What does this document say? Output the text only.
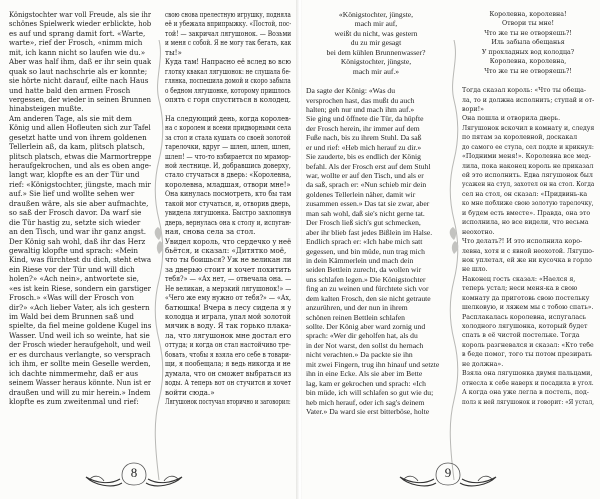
Königstochter war voll Freude, als sie ihr
schönes Spielwerk wieder erblickte, hob
es auf und sprang damit fort. «Warte,
warte», rief der Frosch, «nimm mich
mit, ich kann nicht so laufen wie du.»
Aber was half ihm, daß er ihr sein quak
quak so laut nachschrie als er konnte;
sie hörte nicht darauf, eilte nach Haus
und hatte bald den armen Frosch
vergessen, der wieder in seinen Brunnen
hinabsteigen mußte.
Am anderen Tage, als sie mit dem
König und allen Hofleuten sich zur Tafel
gesetzt hatte und von ihrem goldenen
Tellerlein aß, da kam, plitsch platsch,
plitsch platsch, etwas die Marmortreppe
heraufgekrochen, und als es oben ange-
langt war, klopfte es an der Tür und
rief: «Königstochter, jüngste, mach mir
auf.» Sie lief und wollte sehen wer
draußen wäre, als sie aber aufmachte,
so saß der Frosch davor. Da warf sie
die Tür hastig zu, setzte sich wieder
an den Tisch, und war ihr ganz angst.
Der König sah wohl, daß ihr das Herz
gewaltig klopfte und sprach: «Mein
Kind, was fürchtest du dich, steht etwa
ein Riese vor der Tür und will dich
holen?» «Ach nein», antwortete sie,
«es ist kein Riese, sondern ein garstiger
Frosch.» «Was will der Frosch von
dir?» «Ach lieber Vater, als ich gestern
im Wald bei dem Brunnen saß und
spielte, da fiel meine goldene Kugel ins
Wasser. Und weil ich so weinte, hat sie
der Frosch wieder heraufgeholt, und weil
er es durchaus verlangte, so versprach
ich ihm, er sollte mein Geselle werden,
ich dachte nimmermehr, daß er aus
seinem Wasser heraus könnte. Nun ist er
draußen und will zu mir herein.» Indem
klopfte es zum zweitenmal und rief:
свою снова прелестную игрушку, подняла
её и убежала вприпрыжку. «Постой, пос-
той! — закричал лягушонок. — Возьми
и меня с собой. Я не могу так бегать, как
ты!»
Куда там! Напрасно её вслед во всю
глотку квакал лягушонок: не слушала бе-
глянка, поспешила домой и скоро забыла
о бедном лягушонке, которому пришлось
опять с горя спуститься в колодец.
На следующий день, когда королев-
на с королем и всеми придворными села
за стол и стала кушать со своей золотой
тарелочки, вдруг — шлеп, шлеп, шлеп,
шлеп! — что-то взбирается по мрамор-
ной лестнице. И, добравшись доверху,
стало стучаться в дверь: «Королевна,
королевна, младшая, отвори мне!»
Она кинулась посмотреть, кто бы там
такой мог стучаться, и, отворив дверь,
увидела лягушонка. Быстро захлопнув
дверь, вернулась она к столу и, испуган-
ная, снова села за стол.
Увидел король, что сердечко у неё
бьётся, и сказал: «Дитятко моё,
что ты боишься? Уж не великан ли
за дверью стоит и хочет похитить
тебя?» — «Ах нет, — отвечала она. —
Не великан, а мерзкий лягушонок!» —
«Чего же ему нужно от тебя?» — «Ах,
батюшка! Вчера в лесу сидела я у
колодца и играла, упал мой золотой
мячик в воду. Я так горько плака-
ла, что лягушонок мне достал его
оттуда; и когда он стал настойчиво тре-
бовать, чтобы я взяла его себе в товари-
щи, я пообещала; я ведь никогда и не
думала, что он сможет выбраться из
воды. А теперь вот он стучится и хочет
войти сюда.»
Лягушонок постучал вторично и заговорил:
8
«Königstochter, jüngste,
mach mir auf,
weißt du nicht, was gestern
du zu mir gesagt
bei dem kühlen Brunnenwasser?
Königstochter, jüngste,
mach mir auf.»
Da sagte der König: «Was du
versprochen hast, das mußt du auch
halten; geh nur und mach ihm auf.»
Sie ging und öffnete die Tür, da hüpfte
der Frosch herein, ihr immer auf dem
Fuße nach, bis zu ihrem Stuhl. Da saß
er und rief: «Heb mich herauf zu dir.»
Sie zauderte, bis es endlich der König
befahl. Als der Frosch erst auf dem Stuhl
war, wollte er auf den Tisch, und als er
da saß, sprach er: «Nun schieb mir dein
goldenes Tellerlein näher, damit wir
zusammen essen.» Das tat sie zwar, aber
man sah wohl, daß sie's nicht gerne tat.
Der Frosch ließ sich's gut schmecken,
aber ihr blieb fast jedes Bißlein im Halse.
Endlich sprach er: «Ich habe mich satt
gegessen, und bin müde, nun trag mich
in dein Kämmerlein und mach dein
seiden Bettlein zurecht, da wollen wir
uns schlafen legen.» Die Königstochter
fing an zu weinen und fürchtete sich vor
dem kalten Frosch, den sie nicht getraute
anzurühren, und der nun in ihrem
schönen reinen Bettlein schlafen
sollte. Der König aber ward zornig und
sprach: «Wer dir geholfen hat, als du
in der Not warst, den sollst du hernach
nicht verachten.» Da packte sie ihn
mit zwei Fingern, trug ihn hinauf und setzte
ihn in eine Ecke. Als sie aber im Bette
lag, kam er gekrochen und sprach: «Ich
bin müde, ich will schlafen so gut wie du;
heb mich herauf, oder ich sag's deinem
Vater.» Da ward sie erst bitterböse, holte
Королевна, королевна!
Отвори ты мне!
Что же ты не отворяешь?!
Иль забыла обещанья
У прохладных вод колодца?
Королевна, королевна,
Что же ты не отворяешь?!
Тогда сказал король: «Что ты обеща-
ла, то и должна исполнить; ступай и от-
вори!»
Она пошла и отворила дверь.
Лягушонок вскочил в комнату и, следуя
по пятам за королевной, доскакал
до самого ее стула, сел подле и крикнул:
«Подними меня!». Королевна все мед-
лила, пока наконец король не приказал
ей это исполнить. Едва лягушонок был
усажен на стул, захотел он на стол. Когда
сел на стол, он сказал: «Придвинь-ка
ко мне поближе свою золотую тарелочку,
и будем есть вместе». Правда, она это
исполнила, но все видели, что весьма
неохотно.
Что делать?! И это исполнила коро-
левна, хотя и с явной неохотой. Лягушо-
нок уплетал, ей же ни кусочка в горло
не шло.
Наконец гость сказал: «Наелся я,
теперь устал; неси меня-ка в свою
комнату да приготовь свою постельку
шелковую, и ляжем мы с тобою спать».
Расплакалась королевна, испугалась
холодного лягушонка, который будет
спать в её чистой постельке. Тогда
король разгневался и сказал: «Кто тебе
в беде помог, того ты потом презирать
не должна».
Взяла она лягушонка двумя пальцами,
отнесла к себе наверх и посадила в угол.
А когда она уже легла в постель, под-
полз к ней лягушонок и говорит: «Я устал,
9
